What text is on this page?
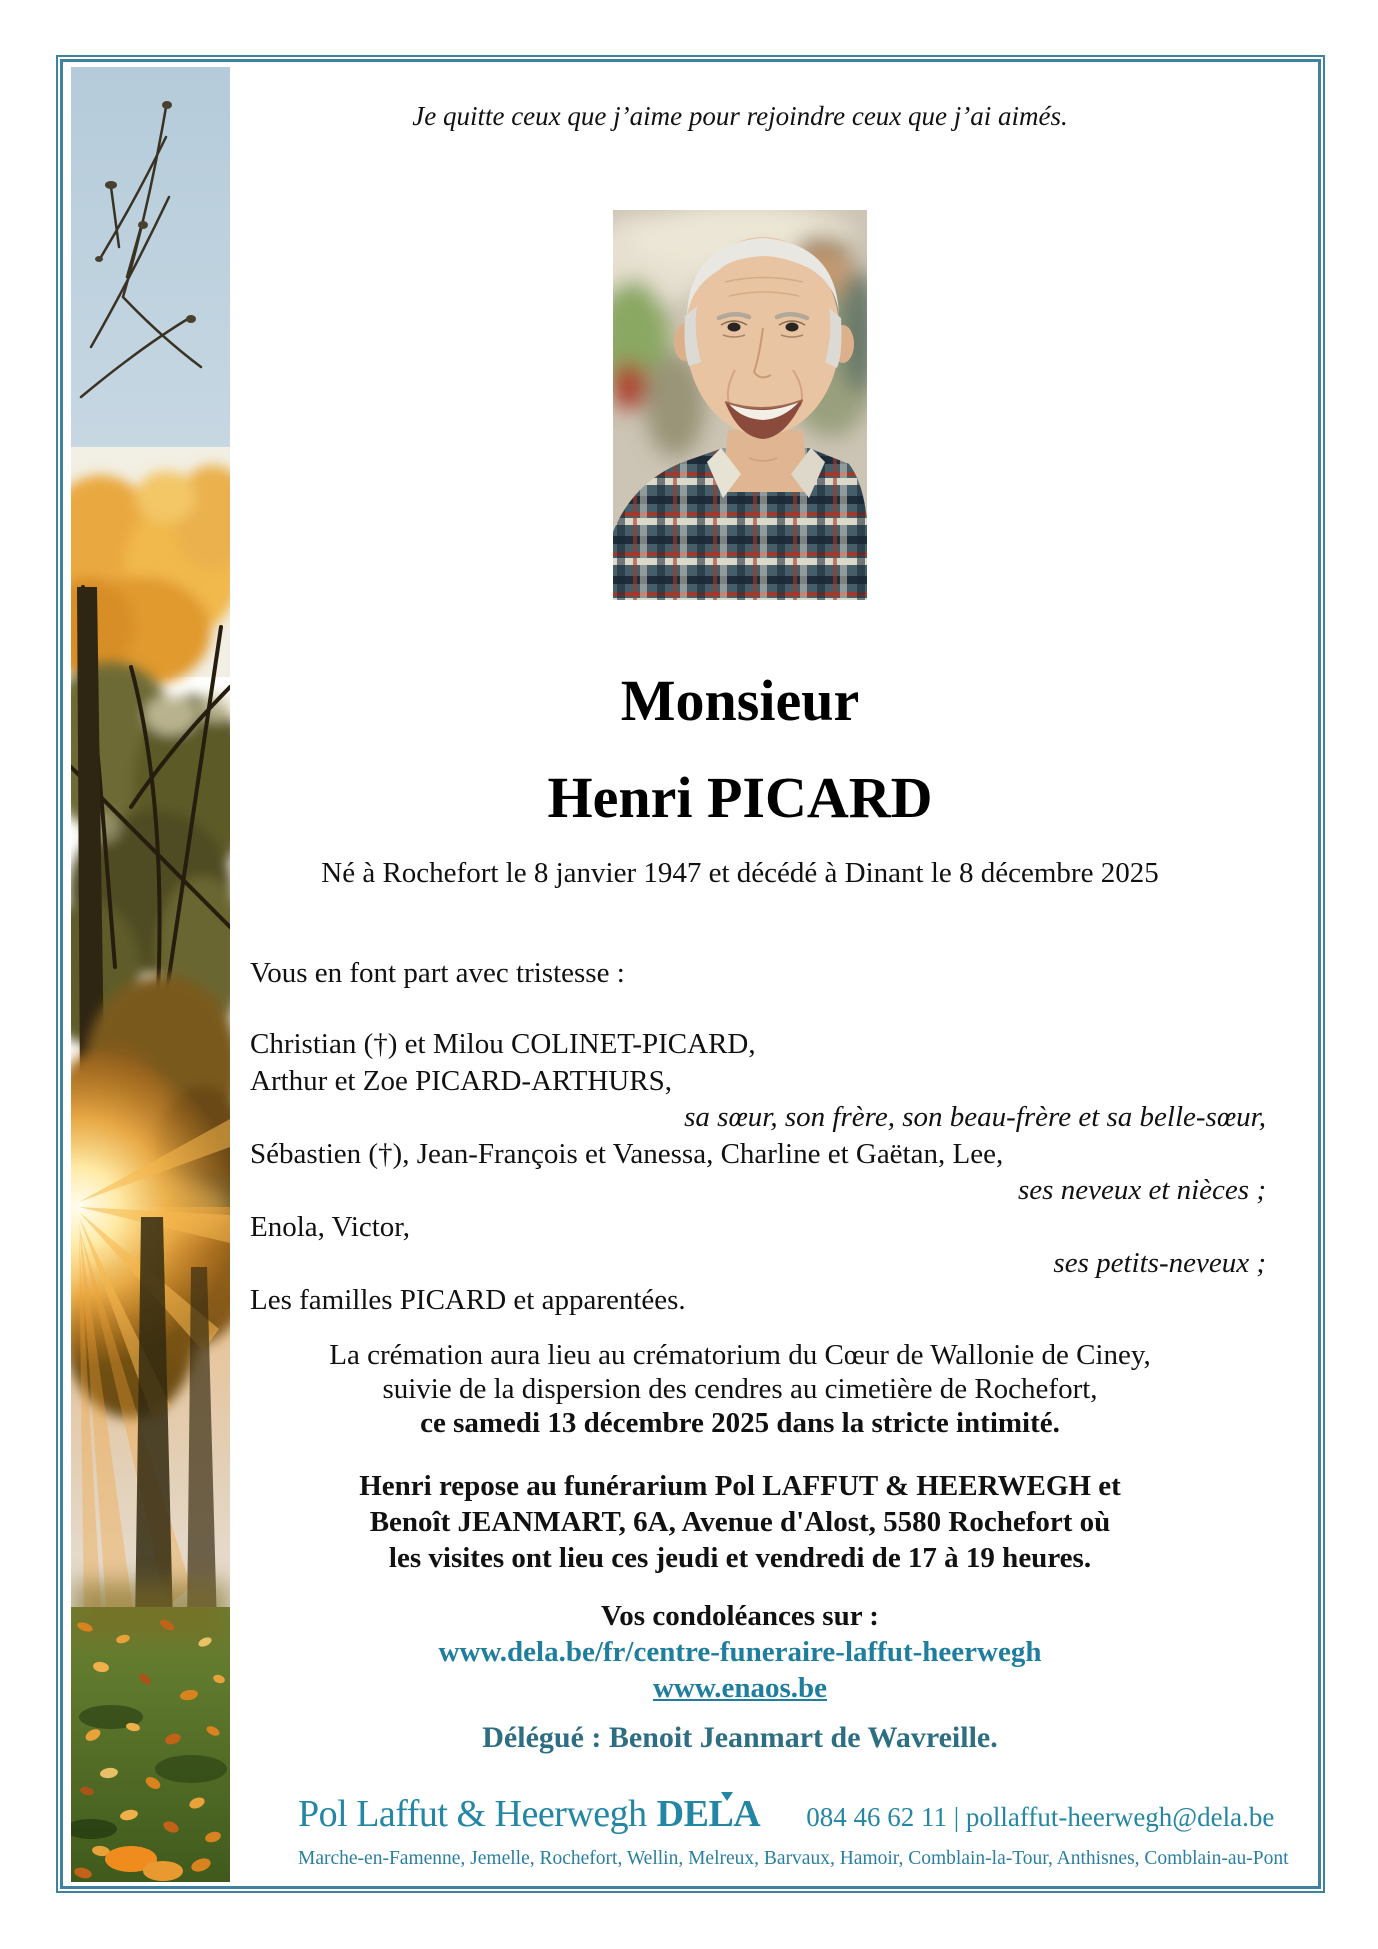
Je quitte ceux que j’aime pour rejoindre ceux que j’ai aimés.
Monsieur
Henri PICARD
Né à Rochefort le 8 janvier 1947 et décédé à Dinant le 8 décembre 2025
Vous en font part avec tristesse :
Christian (†) et Milou COLINET-PICARD,
Arthur et Zoe PICARD-ARTHURS,
sa sœur, son frère, son beau-frère et sa belle-sœur,
Sébastien (†), Jean-François et Vanessa, Charline et Gaëtan, Lee,
ses neveux et nièces ;
Enola, Victor,
ses petits-neveux ;
Les familles PICARD et apparentées.
La crémation aura lieu au crématorium du Cœur de Wallonie de Ciney,
suivie de la dispersion des cendres au cimetière de Rochefort,
ce samedi 13 décembre 2025 dans la stricte intimité.
Henri repose au funérarium Pol LAFFUT & HEERWEGH et
Benoît JEANMART, 6A, Avenue d'Alost, 5580 Rochefort où
les visites ont lieu ces jeudi et vendredi de 17 à 19 heures.
Vos condoléances sur :
www.dela.be/fr/centre-funeraire-laffut-heerwegh
www.enaos.be
Délégué : Benoit Jeanmart de Wavreille.
Pol Laffut & Heerwegh DELA 084 46 62 11 | pollaffut-heerwegh@dela.be
Marche-en-Famenne, Jemelle, Rochefort, Wellin, Melreux, Barvaux, Hamoir, Comblain-la-Tour, Anthisnes, Comblain-au-Pont
